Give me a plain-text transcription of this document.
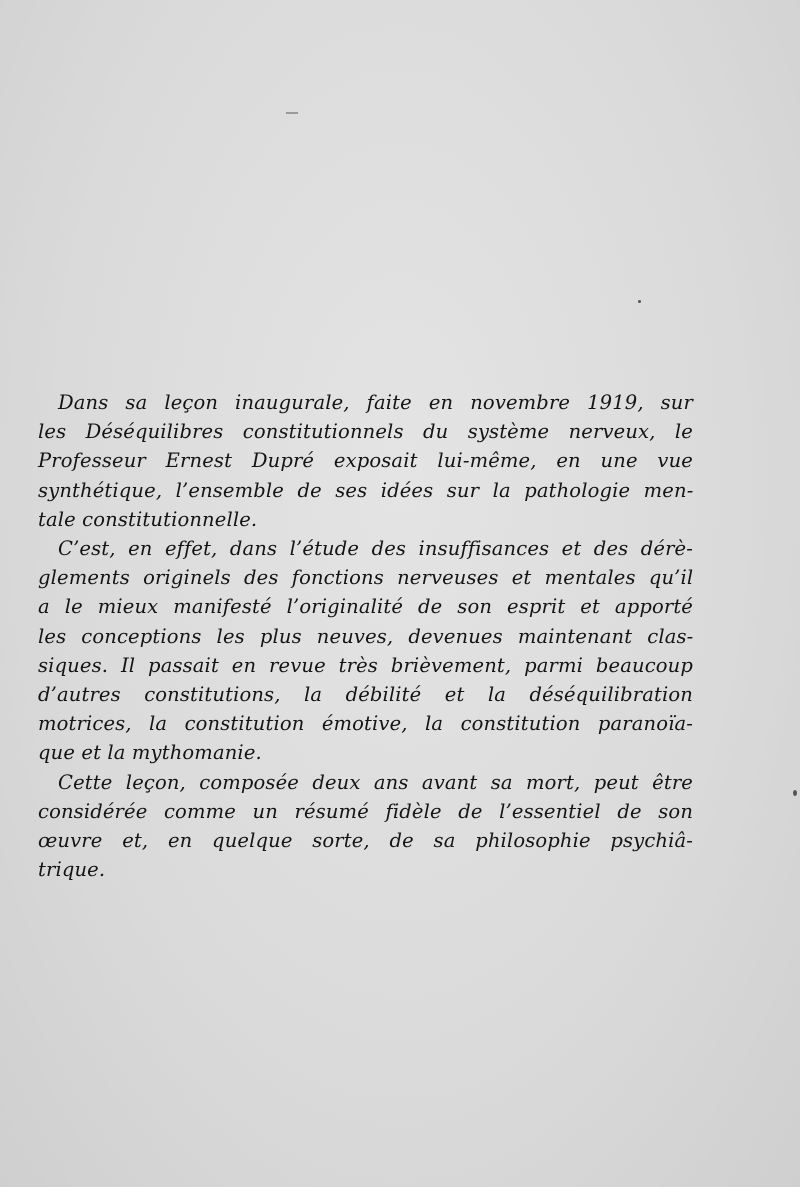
Dans sa leçon inaugurale, faite en novembre 1919, sur
les Déséquilibres constitutionnels du système nerveux, le
Professeur Ernest Dupré exposait lui-même, en une vue
synthétique, l’ensemble de ses idées sur la pathologie men-
tale constitutionnelle.

C’est, en effet, dans l’étude des insuffisances et des dérè-
glements originels des fonctions nerveuses et mentales qu’il
a le mieux manifesté l’originalité de son esprit et apporté
les conceptions les plus neuves, devenues maintenant clas-
siques. Il passait en revue très brièvement, parmi beaucoup
d’autres constitutions, la débilité et la déséquilibration
motrices, la constitution émotive, la constitution paranoïa-
que et la mythomanie.

Cette leçon, composée deux ans avant sa mort, peut être
considérée comme un résumé fidèle de l’essentiel de son
œuvre et, en quelque sorte, de sa philosophie psychiâ-
trique.
